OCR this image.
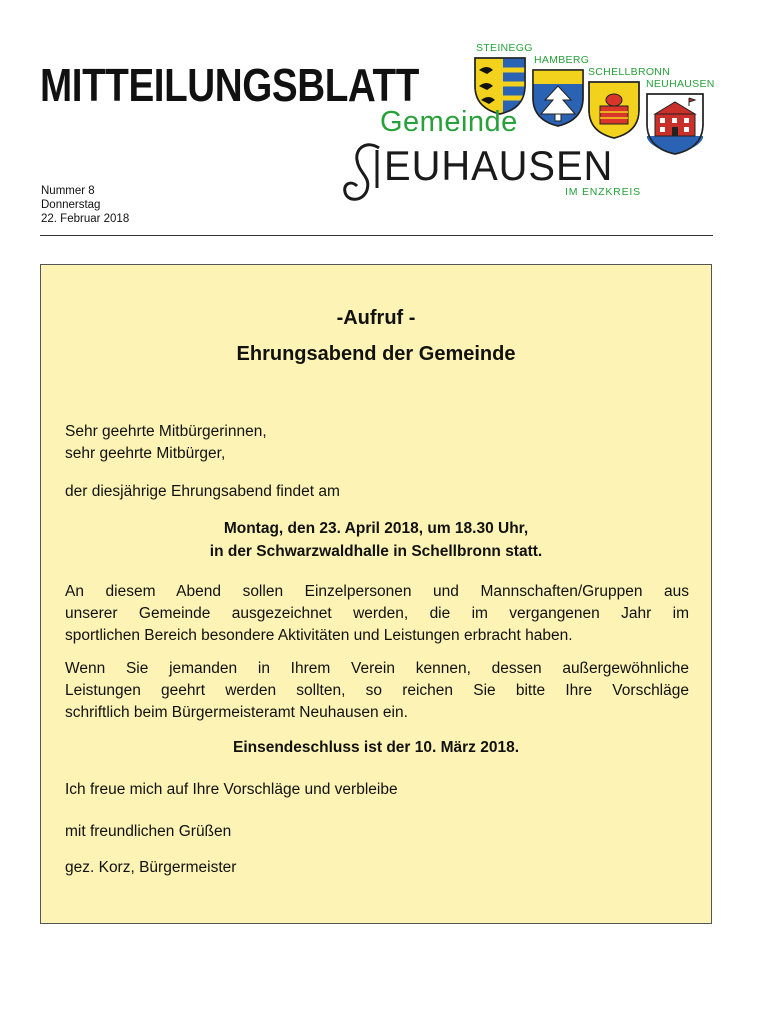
MITTEILUNGSBLATT
Nummer 8
Donnerstag
22. Februar 2018
STEINEGG
HAMBERG
SCHELLBRONN
NEUHAUSEN
Gemeinde
EUHAUSEN
IM ENZKREIS
-Aufruf -
Ehrungsabend der Gemeinde
Sehr geehrte Mitbürgerinnen,
sehr geehrte Mitbürger,
der diesjährige Ehrungsabend findet am
Montag, den 23. April 2018, um 18.30 Uhr,
in der Schwarzwaldhalle in Schellbronn statt.
An diesem Abend sollen Einzelpersonen und Mannschaften/Gruppen aus
unserer Gemeinde ausgezeichnet werden, die im vergangenen Jahr im
sportlichen Bereich besondere Aktivitäten und Leistungen erbracht haben.
Wenn Sie jemanden in Ihrem Verein kennen, dessen außergewöhnliche
Leistungen geehrt werden sollten, so reichen Sie bitte Ihre Vorschläge
schriftlich beim Bürgermeisteramt Neuhausen ein.
Einsendeschluss ist der 10. März 2018.
Ich freue mich auf Ihre Vorschläge und verbleibe
mit freundlichen Grüßen
gez. Korz, Bürgermeister
